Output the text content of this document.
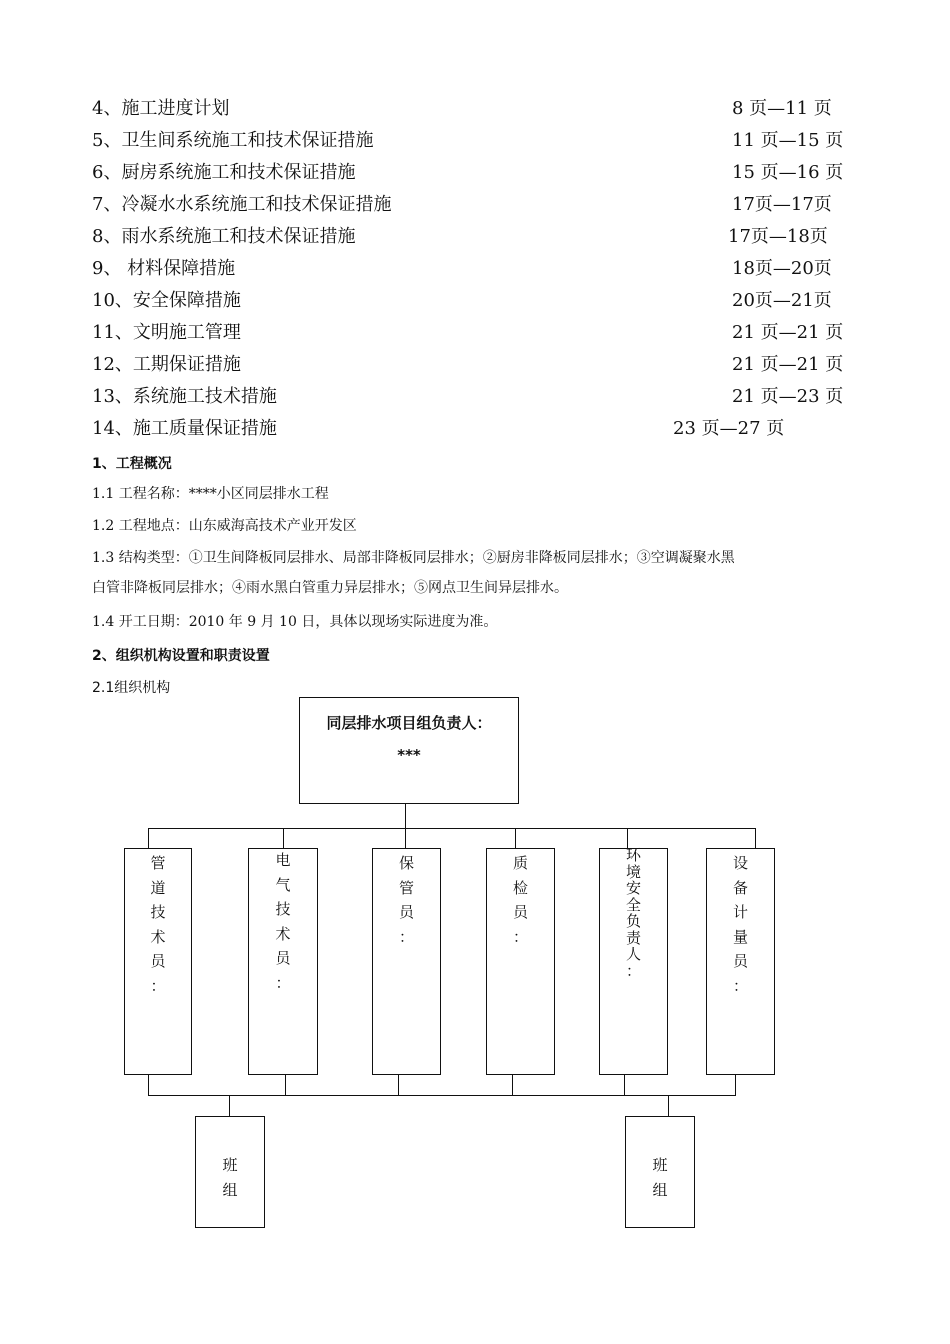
4、施工进度计划	8 页—11 页
5、卫生间系统施工和技术保证措施	11 页—15 页
6、厨房系统施工和技术保证措施	15 页—16 页
7、冷凝水水系统施工和技术保证措施	17页—17页
8、雨水系统施工和技术保证措施	17页—18页
9、 材料保障措施	18页—20页
10、安全保障措施	20页—21页
11、文明施工管理	21 页—21 页
12、工期保证措施	21 页—21 页
13、系统施工技术措施	21 页—23 页
14、施工质量保证措施	23 页—27 页
1、工程概况
1.1 工程名称：****小区同层排水工程
1.2 工程地点：山东威海高技术产业开发区
1.3 结构类型：①卫生间降板同层排水、局部非降板同层排水；②厨房非降板同层排水；③空调凝聚水黑
白管非降板同层排水；④雨水黑白管重力异层排水；⑤网点卫生间异层排水。
1.4 开工日期：2010 年 9 月 10 日，具体以现场实际进度为准。
2、组织机构设置和职责设置
2.1组织机构
同层排水项目组负责人：
***
管
道
技
术
员
：
电
气
技
术
员
：
保
管
员
：
质
检
员
：
环
境
安
全
负
责
人
：
设
备
计
量
员
：
班
组
班
组
